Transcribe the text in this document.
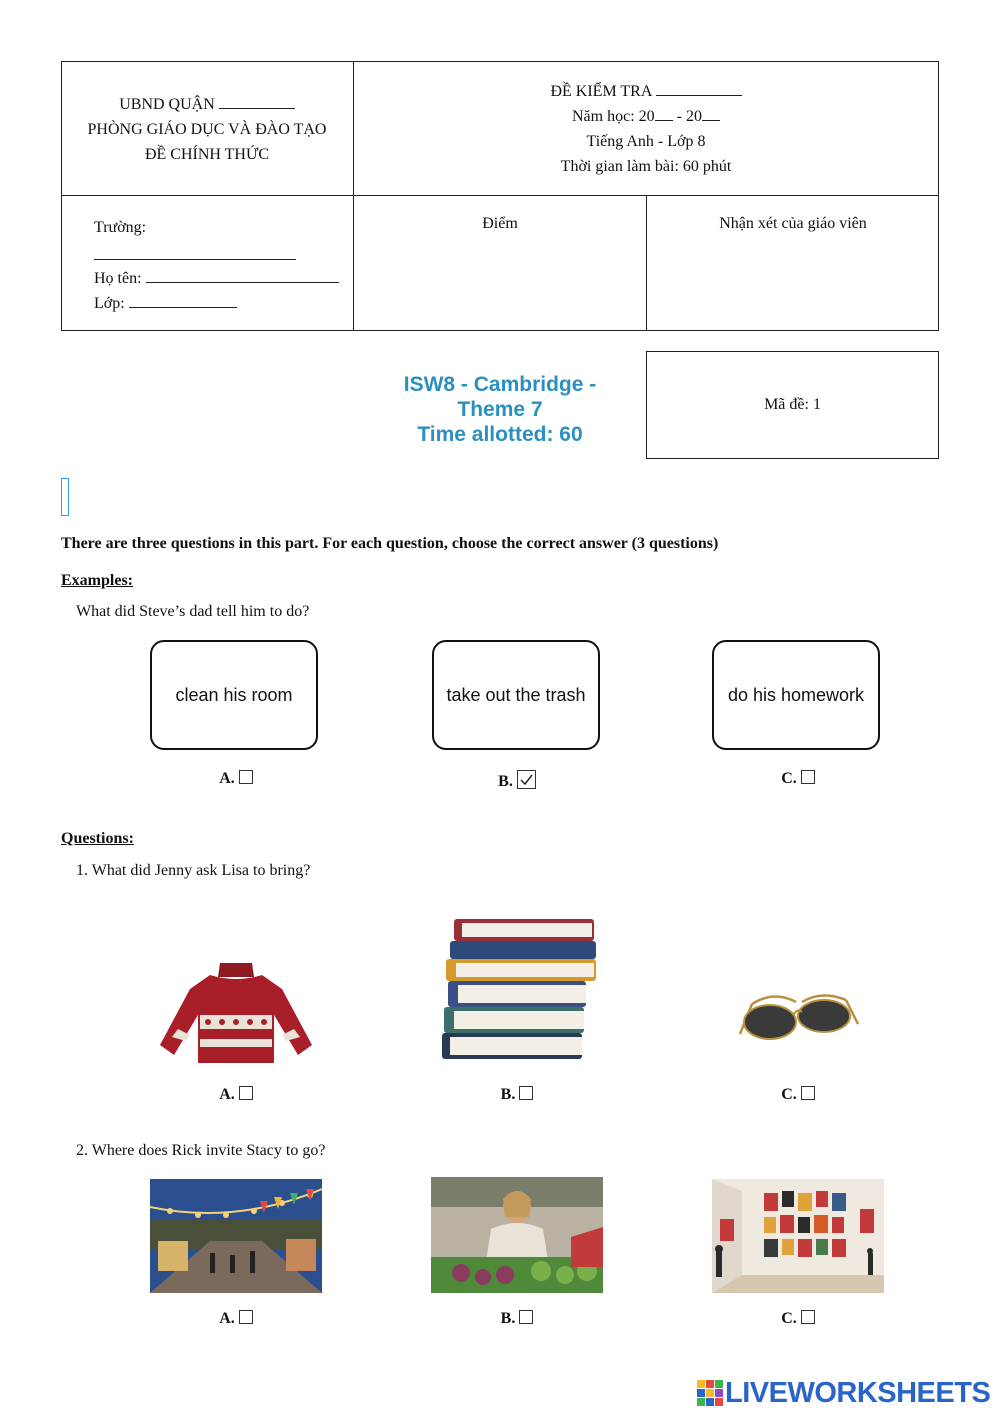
UBND QUẬN
PHÒNG GIÁO DỤC VÀ ĐÀO TẠO
ĐỀ CHÍNH THỨC
ĐỀ KIỂM TRA
Năm học: 20 - 20
Tiếng Anh - Lớp 8
Thời gian làm bài: 60 phút
Trường:
Họ tên:
Lớp:
Điểm	Nhận xét của giáo viên
ISW8 - Cambridge -
Theme 7
Time allotted: 60
Mã đề: 1
There are three questions in this part. For each question, choose the correct answer (3 questions)
Examples:
What did Steve’s dad tell him to do?
clean his room	take out the trash	do his homework
A.	B.	C.
Questions:
1. What did Jenny ask Lisa to bring?
A.	B.	C.
2. Where does Rick invite Stacy to go?
A.	B.	C.
LIVEWORKSHEETS
